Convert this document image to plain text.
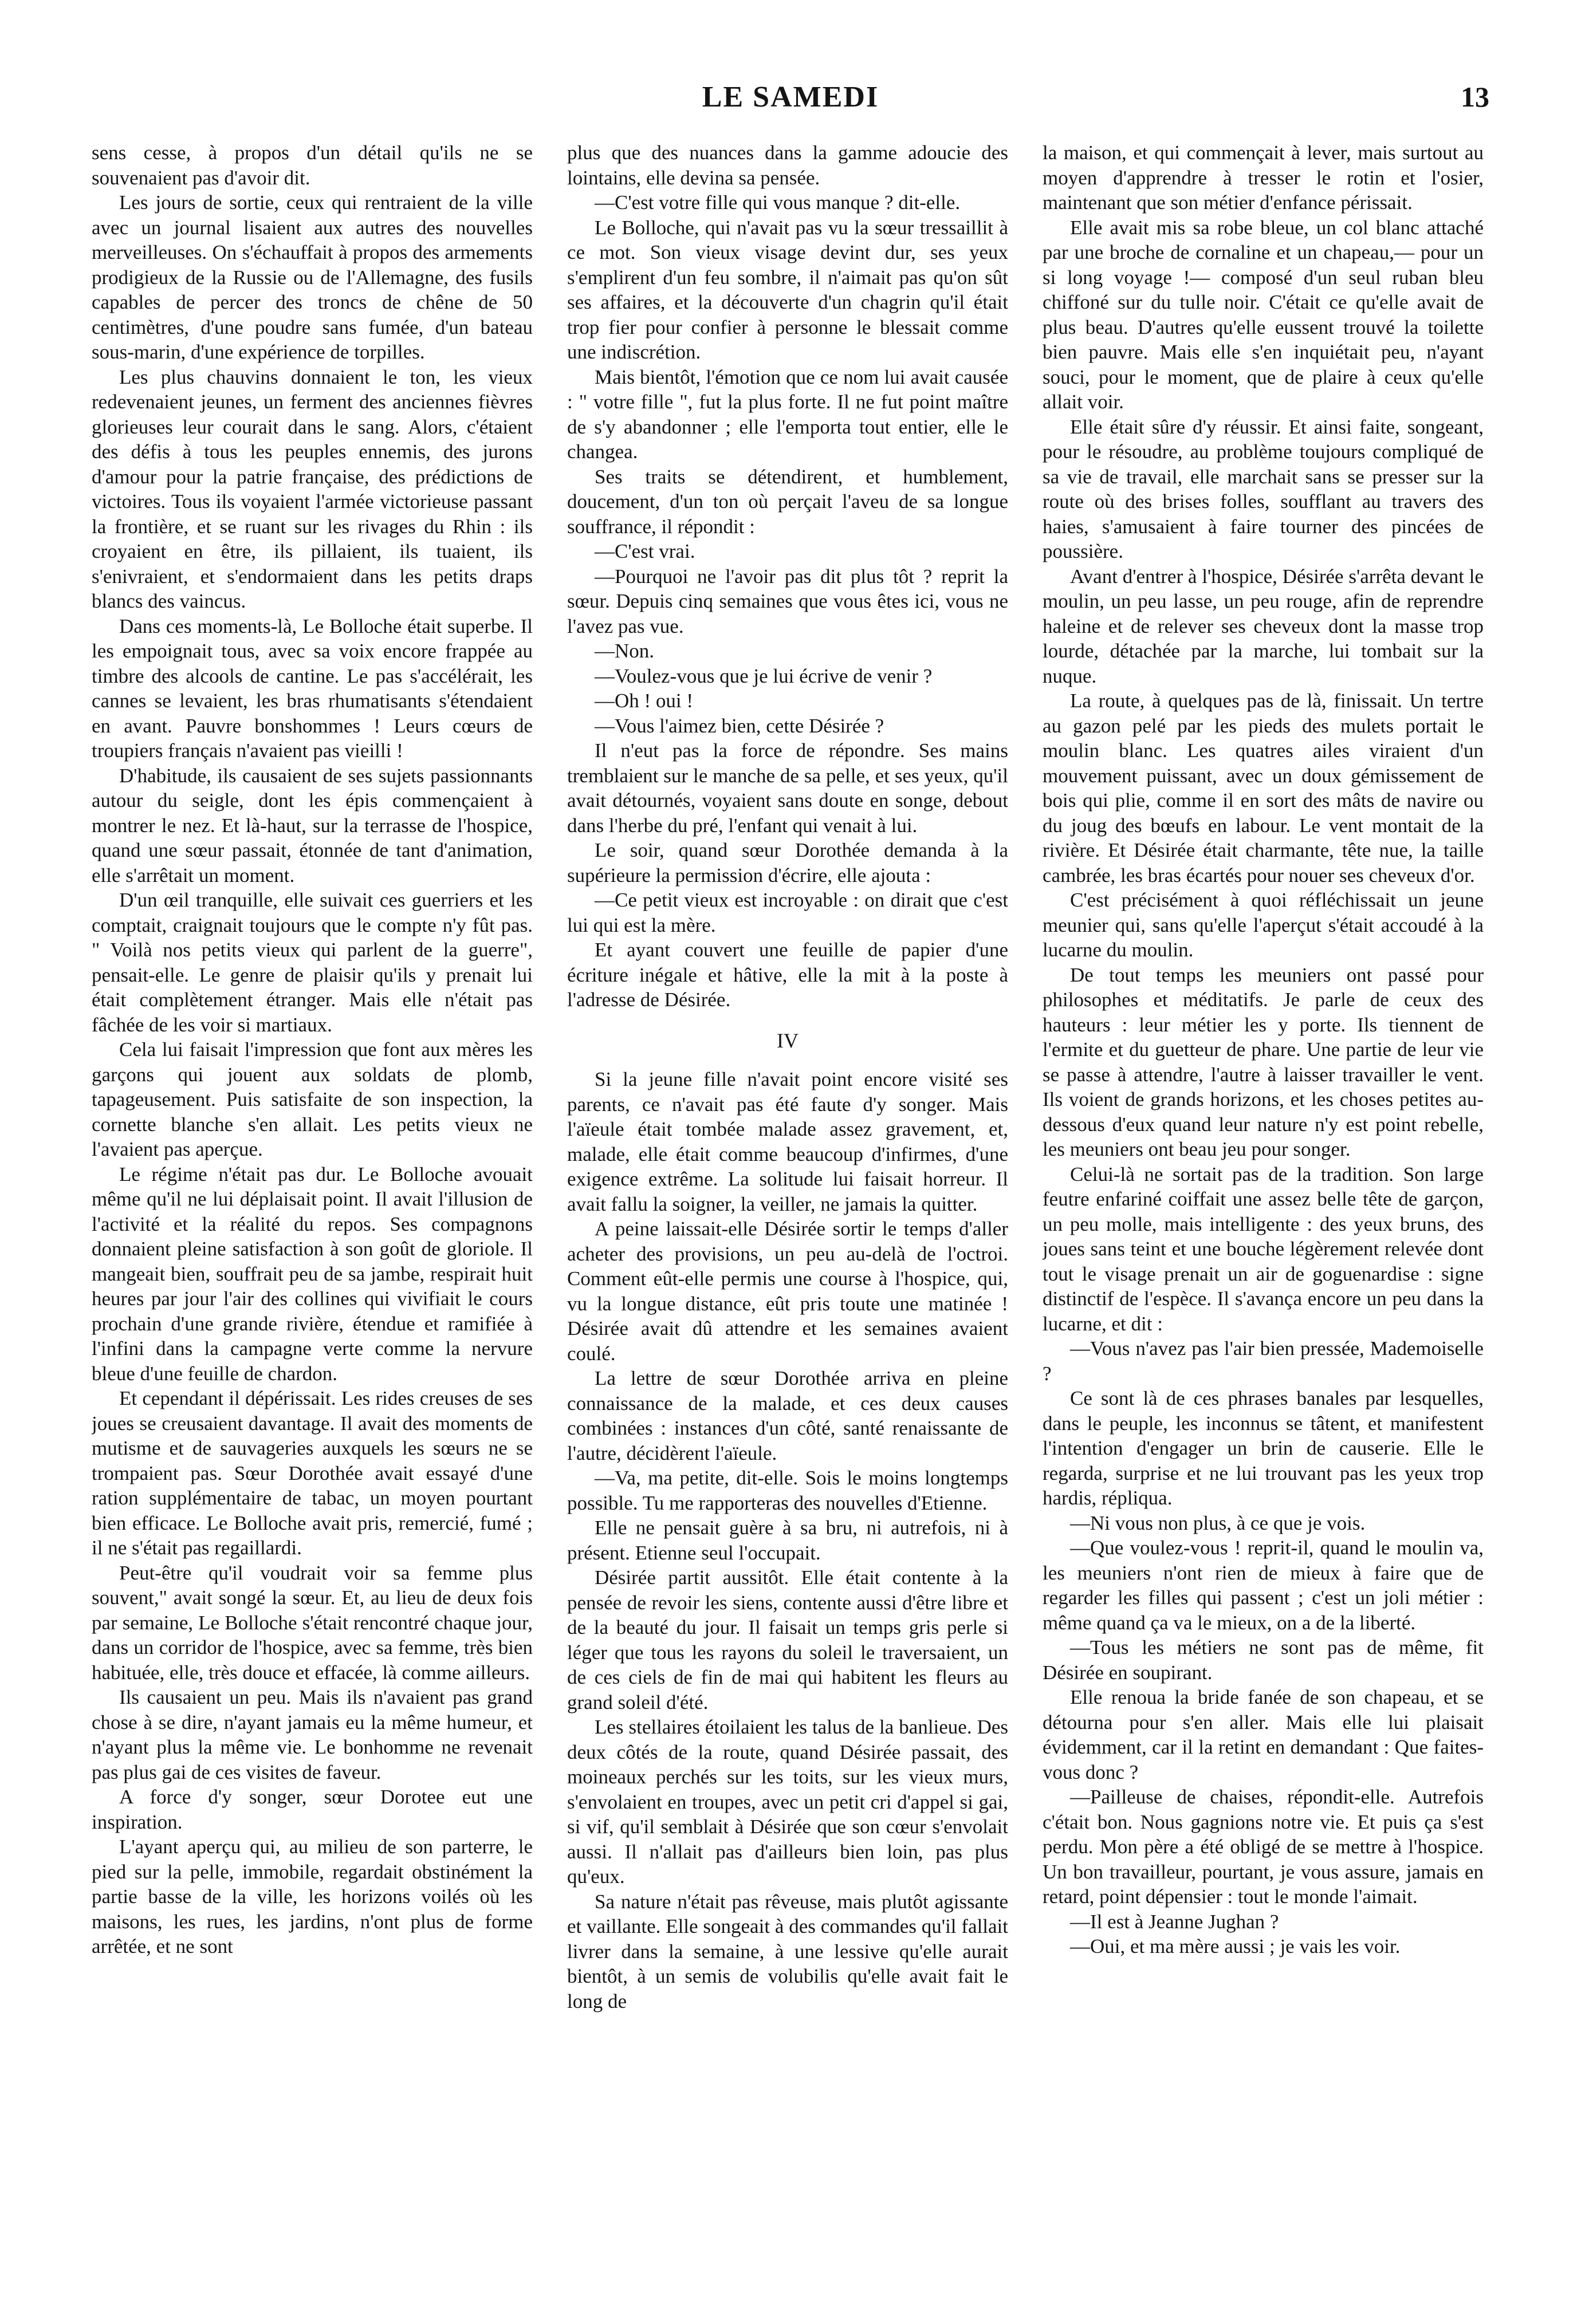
LE SAMEDI	13

sens cesse, à propos d'un détail qu'ils ne se souvenaient pas d'avoir dit.

Les jours de sortie, ceux qui rentraient de la ville avec un journal lisaient aux autres des nouvelles merveilleuses. On s'échauffait à propos des armements prodigieux de la Russie ou de l'Allemagne, des fusils capables de percer des troncs de chêne de 50 centimètres, d'une poudre sans fumée, d'un bateau sous-marin, d'une expérience de torpilles.

Les plus chauvins donnaient le ton, les vieux redevenaient jeunes, un ferment des anciennes fièvres glorieuses leur courait dans le sang. Alors, c'étaient des défis à tous les peuples ennemis, des jurons d'amour pour la patrie française, des prédictions de victoires. Tous ils voyaient l'armée victorieuse passant la frontière, et se ruant sur les rivages du Rhin : ils croyaient en être, ils pillaient, ils tuaient, ils s'enivraient, et s'endormaient dans les petits draps blancs des vaincus.

Dans ces moments-là, Le Bolloche était superbe. Il les empoignait tous, avec sa voix encore frappée au timbre des alcools de cantine. Le pas s'accélérait, les cannes se levaient, les bras rhumatisants s'étendaient en avant. Pauvre bonshommes ! Leurs cœurs de troupiers français n'avaient pas vieilli !

D'habitude, ils causaient de ses sujets passionnants autour du seigle, dont les épis commençaient à montrer le nez. Et là-haut, sur la terrasse de l'hospice, quand une sœur passait, étonnée de tant d'animation, elle s'arrêtait un moment.

D'un œil tranquille, elle suivait ces guerriers et les comptait, craignait toujours que le compte n'y fût pas. " Voilà nos petits vieux qui parlent de la guerre", pensait-elle. Le genre de plaisir qu'ils y prenait lui était complètement étranger. Mais elle n'était pas fâchée de les voir si martiaux.

Cela lui faisait l'impression que font aux mères les garçons qui jouent aux soldats de plomb, tapageusement. Puis satisfaite de son inspection, la cornette blanche s'en allait. Les petits vieux ne l'avaient pas aperçue.

Le régime n'était pas dur. Le Bolloche avouait même qu'il ne lui déplaisait point. Il avait l'illusion de l'activité et la réalité du repos. Ses compagnons donnaient pleine satisfaction à son goût de gloriole. Il mangeait bien, souffrait peu de sa jambe, respirait huit heures par jour l'air des collines qui vivifiait le cours prochain d'une grande rivière, étendue et ramifiée à l'infini dans la campagne verte comme la nervure bleue d'une feuille de chardon.

Et cependant il dépérissait. Les rides creuses de ses joues se creusaient davantage. Il avait des moments de mutisme et de sauvageries auxquels les sœurs ne se trompaient pas. Sœur Dorothée avait essayé d'une ration supplémentaire de tabac, un moyen pourtant bien efficace. Le Bolloche avait pris, remercié, fumé ; il ne s'était pas regaillardi.

Peut-être qu'il voudrait voir sa femme plus souvent," avait songé la sœur. Et, au lieu de deux fois par semaine, Le Bolloche s'était rencontré chaque jour, dans un corridor de l'hospice, avec sa femme, très bien habituée, elle, très douce et effacée, là comme ailleurs.

Ils causaient un peu. Mais ils n'avaient pas grand chose à se dire, n'ayant jamais eu la même humeur, et n'ayant plus la même vie. Le bonhomme ne revenait pas plus gai de ces visites de faveur.

A force d'y songer, sœur Dorotee eut une inspiration.

L'ayant aperçu qui, au milieu de son parterre, le pied sur la pelle, immobile, regardait obstinément la partie basse de la ville, les horizons voilés où les maisons, les rues, les jardins, n'ont plus de forme arrêtée, et ne sont

plus que des nuances dans la gamme adoucie des lointains, elle devina sa pensée.

—C'est votre fille qui vous manque ? dit-elle.

Le Bolloche, qui n'avait pas vu la sœur tressaillit à ce mot. Son vieux visage devint dur, ses yeux s'emplirent d'un feu sombre, il n'aimait pas qu'on sût ses affaires, et la découverte d'un chagrin qu'il était trop fier pour confier à personne le blessait comme une indiscrétion.

Mais bientôt, l'émotion que ce nom lui avait causée : " votre fille ", fut la plus forte. Il ne fut point maître de s'y abandonner ; elle l'emporta tout entier, elle le changea.

Ses traits se détendirent, et humblement, doucement, d'un ton où perçait l'aveu de sa longue souffrance, il répondit :

—C'est vrai.

—Pourquoi ne l'avoir pas dit plus tôt ? reprit la sœur. Depuis cinq semaines que vous êtes ici, vous ne l'avez pas vue.

—Non.

—Voulez-vous que je lui écrive de venir ?

—Oh ! oui !

—Vous l'aimez bien, cette Désirée ?

Il n'eut pas la force de répondre. Ses mains tremblaient sur le manche de sa pelle, et ses yeux, qu'il avait détournés, voyaient sans doute en songe, debout dans l'herbe du pré, l'enfant qui venait à lui.

Le soir, quand sœur Dorothée demanda à la supérieure la permission d'écrire, elle ajouta :

—Ce petit vieux est incroyable : on dirait que c'est lui qui est la mère.

Et ayant couvert une feuille de papier d'une écriture inégale et hâtive, elle la mit à la poste à l'adresse de Désirée.

IV

Si la jeune fille n'avait point encore visité ses parents, ce n'avait pas été faute d'y songer. Mais l'aïeule était tombée malade assez gravement, et, malade, elle était comme beaucoup d'infirmes, d'une exigence extrême. La solitude lui faisait horreur. Il avait fallu la soigner, la veiller, ne jamais la quitter.

A peine laissait-elle Désirée sortir le temps d'aller acheter des provisions, un peu au-delà de l'octroi. Comment eût-elle permis une course à l'hospice, qui, vu la longue distance, eût pris toute une matinée ! Désirée avait dû attendre et les semaines avaient coulé.

La lettre de sœur Dorothée arriva en pleine connaissance de la malade, et ces deux causes combinées : instances d'un côté, santé renaissante de l'autre, décidèrent l'aïeule.

—Va, ma petite, dit-elle. Sois le moins longtemps possible. Tu me rapporteras des nouvelles d'Etienne.

Elle ne pensait guère à sa bru, ni autrefois, ni à présent. Etienne seul l'occupait.

Désirée partit aussitôt. Elle était contente à la pensée de revoir les siens, contente aussi d'être libre et de la beauté du jour. Il faisait un temps gris perle si léger que tous les rayons du soleil le traversaient, un de ces ciels de fin de mai qui habitent les fleurs au grand soleil d'été.

Les stellaires étoilaient les talus de la banlieue. Des deux côtés de la route, quand Désirée passait, des moineaux perchés sur les toits, sur les vieux murs, s'envolaient en troupes, avec un petit cri d'appel si gai, si vif, qu'il semblait à Désirée que son cœur s'envolait aussi. Il n'allait pas d'ailleurs bien loin, pas plus qu'eux.

Sa nature n'était pas rêveuse, mais plutôt agissante et vaillante. Elle songeait à des commandes qu'il fallait livrer dans la semaine, à une lessive qu'elle aurait bientôt, à un semis de volubilis qu'elle avait fait le long de

la maison, et qui commençait à lever, mais surtout au moyen d'apprendre à tresser le rotin et l'osier, maintenant que son métier d'enfance périssait.

Elle avait mis sa robe bleue, un col blanc attaché par une broche de cornaline et un chapeau,— pour un si long voyage !— composé d'un seul ruban bleu chiffoné sur du tulle noir. C'était ce qu'elle avait de plus beau. D'autres qu'elle eussent trouvé la toilette bien pauvre. Mais elle s'en inquiétait peu, n'ayant souci, pour le moment, que de plaire à ceux qu'elle allait voir.

Elle était sûre d'y réussir. Et ainsi faite, songeant, pour le résoudre, au problème toujours compliqué de sa vie de travail, elle marchait sans se presser sur la route où des brises folles, soufflant au travers des haies, s'amusaient à faire tourner des pincées de poussière.

Avant d'entrer à l'hospice, Désirée s'arrêta devant le moulin, un peu lasse, un peu rouge, afin de reprendre haleine et de relever ses cheveux dont la masse trop lourde, détachée par la marche, lui tombait sur la nuque.

La route, à quelques pas de là, finissait. Un tertre au gazon pelé par les pieds des mulets portait le moulin blanc. Les quatres ailes viraient d'un mouvement puissant, avec un doux gémissement de bois qui plie, comme il en sort des mâts de navire ou du joug des bœufs en labour. Le vent montait de la rivière. Et Désirée était charmante, tête nue, la taille cambrée, les bras écartés pour nouer ses cheveux d'or.

C'est précisément à quoi réfléchissait un jeune meunier qui, sans qu'elle l'aperçut s'était accoudé à la lucarne du moulin.

De tout temps les meuniers ont passé pour philosophes et méditatifs. Je parle de ceux des hauteurs : leur métier les y porte. Ils tiennent de l'ermite et du guetteur de phare. Une partie de leur vie se passe à attendre, l'autre à laisser travailler le vent. Ils voient de grands horizons, et les choses petites au-dessous d'eux quand leur nature n'y est point rebelle, les meuniers ont beau jeu pour songer.

Celui-là ne sortait pas de la tradition. Son large feutre enfariné coiffait une assez belle tête de garçon, un peu molle, mais intelligente : des yeux bruns, des joues sans teint et une bouche légèrement relevée dont tout le visage prenait un air de goguenardise : signe distinctif de l'espèce. Il s'avança encore un peu dans la lucarne, et dit :

—Vous n'avez pas l'air bien pressée, Mademoiselle ?

Ce sont là de ces phrases banales par lesquelles, dans le peuple, les inconnus se tâtent, et manifestent l'intention d'engager un brin de causerie. Elle le regarda, surprise et ne lui trouvant pas les yeux trop hardis, répliqua.

—Ni vous non plus, à ce que je vois.

—Que voulez-vous ! reprit-il, quand le moulin va, les meuniers n'ont rien de mieux à faire que de regarder les filles qui passent ; c'est un joli métier : même quand ça va le mieux, on a de la liberté.

—Tous les métiers ne sont pas de même, fit Désirée en soupirant.

Elle renoua la bride fanée de son chapeau, et se détourna pour s'en aller. Mais elle lui plaisait évidemment, car il la retint en demandant : Que faites-vous donc ?

—Pailleuse de chaises, répondit-elle. Autrefois c'était bon. Nous gagnions notre vie. Et puis ça s'est perdu. Mon père a été obligé de se mettre à l'hospice. Un bon travailleur, pourtant, je vous assure, jamais en retard, point dépensier : tout le monde l'aimait.

—Il est à Jeanne Jughan ?

—Oui, et ma mère aussi ; je vais les voir.
